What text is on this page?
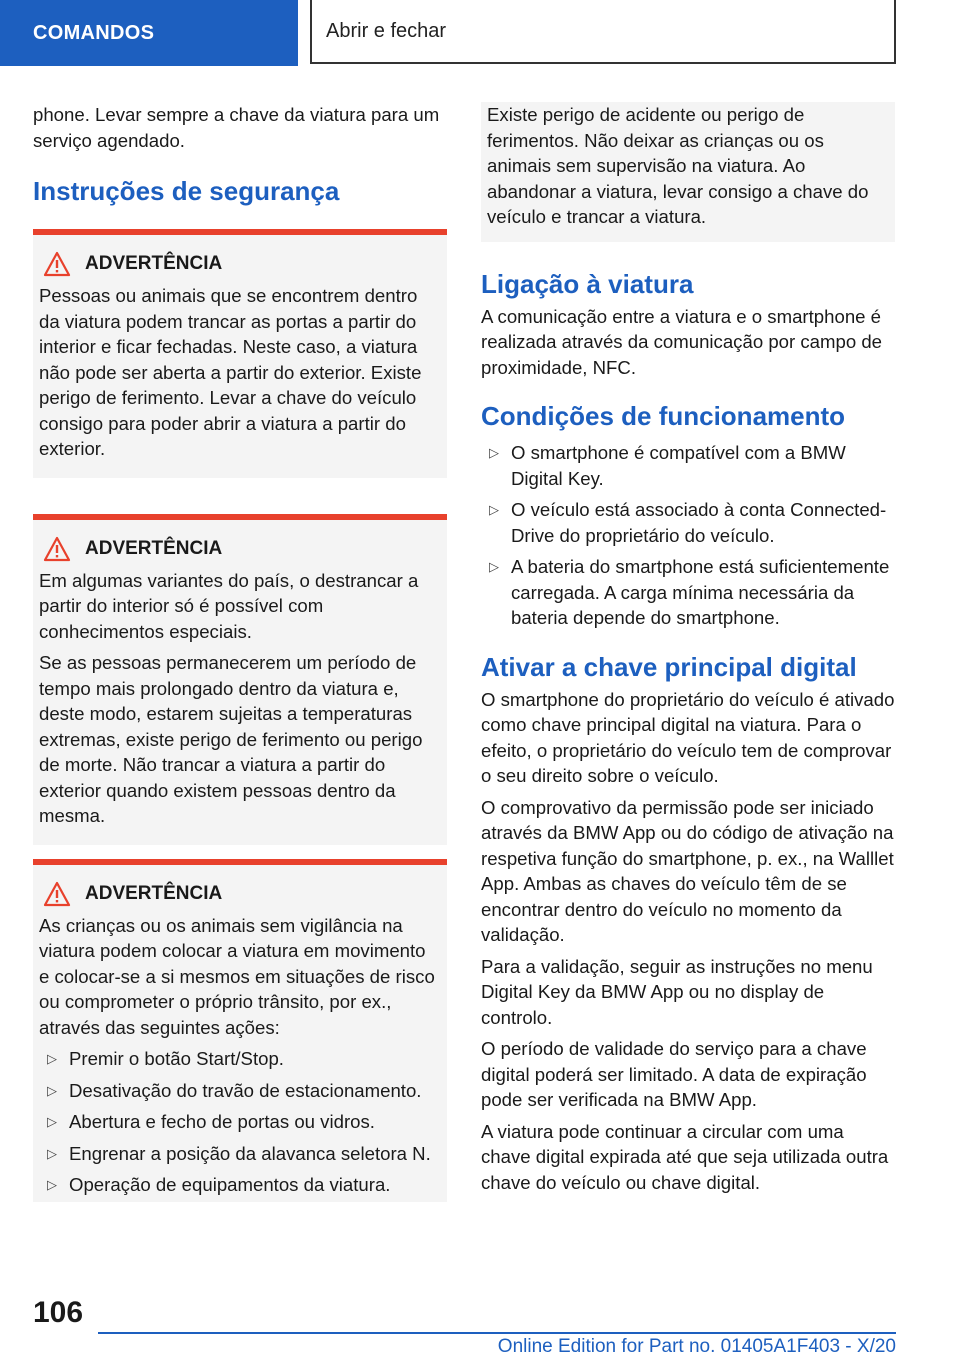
COMANDOS	Abrir e fechar

phone. Levar sempre a chave da viatura para um serviço agendado.

Instruções de segurança
ADVERTÊNCIA

Pessoas ou animais que se encontrem dentro da viatura podem trancar as portas a partir do interior e ficar fechadas. Neste caso, a viatura não pode ser aberta a partir do exterior. Existe perigo de ferimento. Levar a chave do veículo consigo para poder abrir a viatura a partir do exterior.

ADVERTÊNCIA

Em algumas variantes do país, o destrancar a partir do interior só é possível com conhecimentos especiais.

Se as pessoas permanecerem um período de tempo mais prolongado dentro da viatura e, deste modo, estarem sujeitas a temperaturas extremas, existe perigo de ferimento ou perigo de morte. Não trancar a viatura a partir do exterior quando existem pessoas dentro da mesma.

ADVERTÊNCIA

As crianças ou os animais sem vigilância na viatura podem colocar a viatura em movimento e colocar-se a si mesmos em situações de risco ou comprometer o próprio trânsito, por ex., através das seguintes ações:

▷ Premir o botão Start/Stop.
▷ Desativação do travão de estacionamento.
▷ Abertura e fecho de portas ou vidros.
▷ Engrenar a posição da alavanca seletora N.
▷ Operação de equipamentos da viatura.

Existe perigo de acidente ou perigo de ferimentos. Não deixar as crianças ou os animais sem supervisão na viatura. Ao abandonar a viatura, levar consigo a chave do veículo e trancar a viatura.

Ligação à viatura

A comunicação entre a viatura e o smartphone é realizada através da comunicação por campo de proximidade, NFC.

Condições de funcionamento
▷ O smartphone é compatível com a BMW Digital Key.
▷ O veículo está associado à conta ConnectedDrive do proprietário do veículo.
▷ A bateria do smartphone está suficientemente carregada. A carga mínima necessária da bateria depende do smartphone.
Ativar a chave principal digital

O smartphone do proprietário do veículo é ativado como chave principal digital na viatura. Para o efeito, o proprietário do veículo tem de comprovar o seu direito sobre o veículo.

O comprovativo da permissão pode ser iniciado através da BMW App ou do código de ativação na respetiva função do smartphone, p. ex., na Walllet App. Ambas as chaves do veículo têm de se encontrar dentro do veículo no momento da validação.

Para a validação, seguir as instruções no menu Digital Key da BMW App ou no display de controlo.

O período de validade do serviço para a chave digital poderá ser limitado. A data de expiração pode ser verificada na BMW App.

A viatura pode continuar a circular com uma chave digital expirada até que seja utilizada outra chave do veículo ou chave digital.

106
Online Edition for Part no. 01405A1F403 - X/20
